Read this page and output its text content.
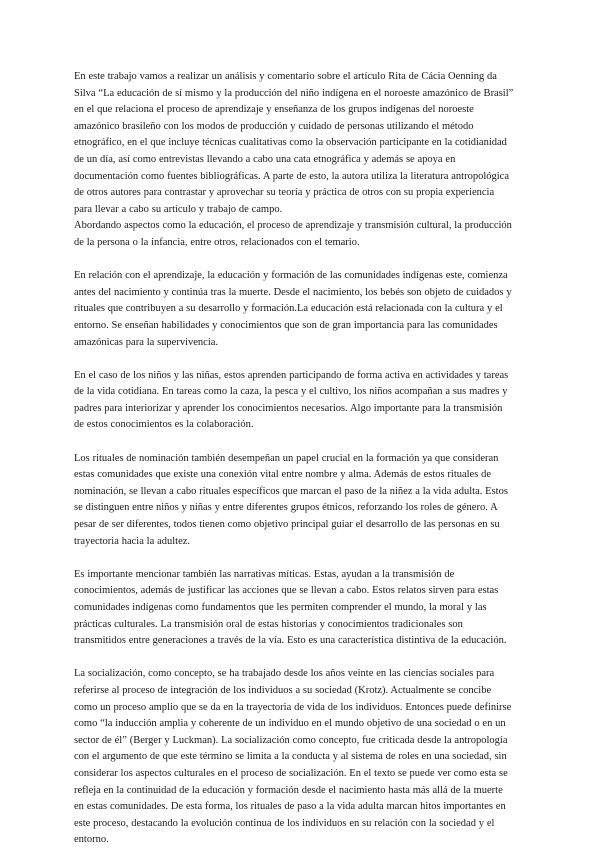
En este trabajo vamos a realizar un análisis y comentario sobre el artículo Rita de Cácia Oenning da Silva “La educación de sí mismo y la producción del niño indígena en el noroeste amazónico de Brasil” en el que relaciona el proceso de aprendizaje y enseñanza de los grupos indígenas del noroeste amazónico brasileño con los modos de producción y cuidado de personas utilizando el método etnográfico, en el que incluye técnicas cualitativas como la observación participante en la cotidianidad de un día, así como entrevistas llevando a cabo una cata etnográfica y además se apoya en documentación como fuentes bibliográficas. A parte de esto, la autora utiliza la literatura antropológica de otros autores para contrastar y aprovechar su teoría y práctica de otros con su propia experiencia para llevar a cabo su artículo y trabajo de campo.

Abordando aspectos como la educación, el proceso de aprendizaje y transmisión cultural, la producción de la persona o la infancia, entre otros, relacionados con el temario.

En relación con el aprendizaje, la educación y formación de las comunidades indígenas este, comienza antes del nacimiento y continúa tras la muerte. Desde el nacimiento, los bebés son objeto de cuidados y rituales que contribuyen a su desarrollo y formación.La educación está relacionada con la cultura y el entorno. Se enseñan habilidades y conocimientos que son de gran importancia para las comunidades amazónicas para la supervivencia.

En el caso de los niños y las niñas, estos aprenden participando de forma activa en actividades y tareas de la vida cotidiana. En tareas como la caza, la pesca y el cultivo, los niños acompañan a sus madres y padres para interiorizar y aprender los conocimientos necesarios. Algo importante para la transmisión de estos conocimientos es la colaboración.

Los rituales de nominación también desempeñan un papel crucial en la formación ya que consideran estas comunidades que existe una conexión vital entre nombre y alma. Además de estos rituales de nominación, se llevan a cabo rituales específicos que marcan el paso de la niñez a la vida adulta. Estos se distinguen entre niños y niñas y entre diferentes grupos étnicos, reforzando los roles de género. A pesar de ser diferentes, todos tienen como objetivo principal guiar el desarrollo de las personas en su trayectoria hacia la adultez.

Es importante mencionar también las narrativas míticas. Estas, ayudan a la transmisión de conocimientos, además de justificar las acciones que se llevan a cabo. Estos relatos sirven para estas comunidades indígenas como fundamentos que les permiten comprender el mundo, la moral y las prácticas culturales. La transmisión oral de estas historias y conocimientos tradicionales son transmitidos entre generaciones a través de la vía. Esto es una característica distintiva de la educación.

La socialización, como concepto, se ha trabajado desde los años veinte en las ciencias sociales para referirse al proceso de integración de los individuos a su sociedad (Krotz). Actualmente se concibe como un proceso amplio que se da en la trayectoria de vida de los individuos. Entonces puede definirse como “la inducción amplia y coherente de un individuo en el mundo objetivo de una sociedad o en un sector de él” (Berger y Luckman). La socialización como concepto, fue criticada desde la antropología con el argumento de que este término se limita a la conducta y al sistema de roles en una sociedad, sin considerar los aspectos culturales en el proceso de socialización. En el texto se puede ver como esta se refleja en la continuidad de la educación y formación desde el nacimiento hasta más allá de la muerte en estas comunidades. De esta forma, los rituales de paso a la vida adulta marcan hitos importantes en este proceso, destacando la evolución continua de los individuos en su relación con la sociedad y el entorno.
